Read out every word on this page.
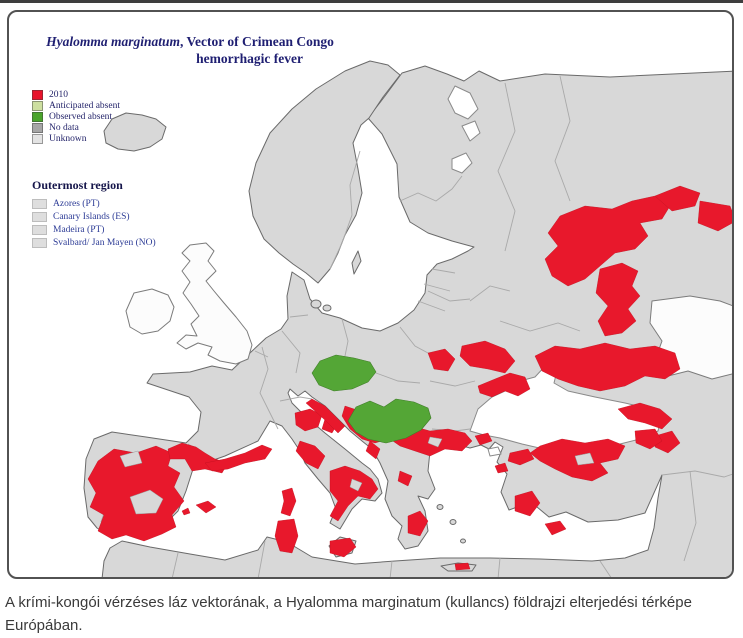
Hyalomma marginatum, Vector of Crimean Congo
hemorrhagic fever
2010
Anticipated absent
Observed absent
No data
Unknown
Outermost region
Azores (PT)
Canary Islands (ES)
Madeira (PT)
Svalbard/ Jan Mayen (NO)
A krími-kongói vérzéses láz vektorának, a Hyalomma marginatum (kullancs) földrajzi elterjedési térképe Európában.
